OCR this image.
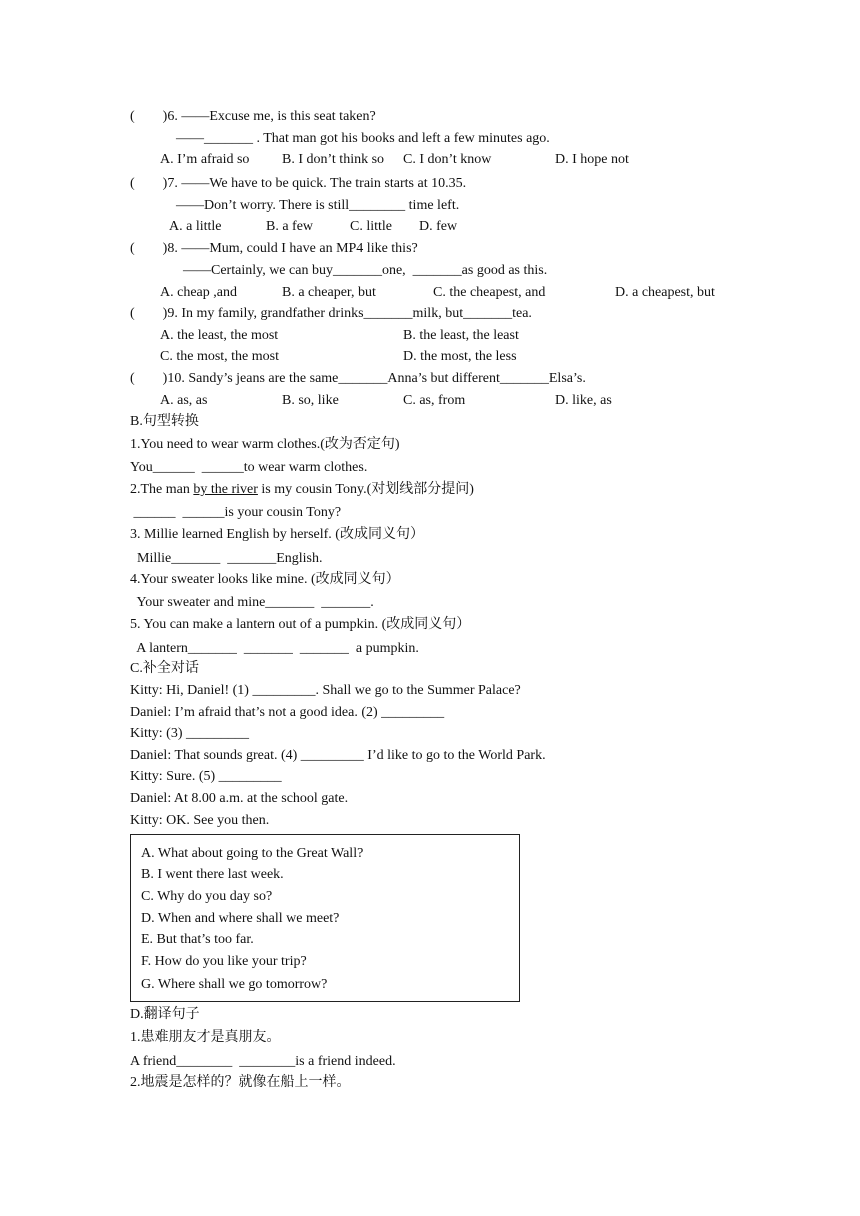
(        )6. ——Excuse me, is this seat taken?
——_______ . That man got his books and left a few minutes ago.
A. I’m afraid so B. I don’t think so C. I don’t know	D. I hope not
(        )7. ——We have to be quick. The train starts at 10.35.
——Don’t worry. There is still________ time left.
A. a little	B. a few	C. little D. few
(        )8. ——Mum, could I have an MP4 like this?
——Certainly, we can buy_______one,  _______as good as this.
A. cheap ,and	B. a cheaper, but	C. the cheapest, and	D. a cheapest, but
(        )9. In my family, grandfather drinks_______milk, but_______tea.
A. the least, the most	B. the least, the least
C. the most, the most	D. the most, the less
(        )10. Sandy’s jeans are the same_______Anna’s but different_______Elsa’s.
A. as, as	B. so, like	C. as, from	D. like, as
B.句型转换
1.You need to wear warm clothes.(改为否定句)
You______  ______to wear warm clothes.
2.The man by the river is my cousin Tony.(对划线部分提问)
______  ______is your cousin Tony?
3. Millie learned English by herself. (改成同义句）
Millie_______  _______English.
4.Your sweater looks like mine. (改成同义句）
Your sweater and mine_______  _______.
5. You can make a lantern out of a pumpkin. (改成同义句）
A lantern_______  _______  _______  a pumpkin.
C.补全对话
Kitty: Hi, Daniel! (1) _________. Shall we go to the Summer Palace?
Daniel: I’m afraid that’s not a good idea. (2) _________
Kitty: (3) _________
Daniel: That sounds great. (4) _________ I’d like to go to the World Park.
Kitty: Sure. (5) _________
Daniel: At 8.00 a.m. at the school gate.
Kitty: OK. See you then.
A. What about going to the Great Wall?
B. I went there last week.
C. Why do you day so?
D. When and where shall we meet?
E. But that’s too far.
F. How do you like your trip?
G. Where shall we go tomorrow?
D.翻译句子
1.患难朋友才是真朋友。
A friend________  ________is a friend indeed.
2.地震是怎样的？就像在船上一样。
